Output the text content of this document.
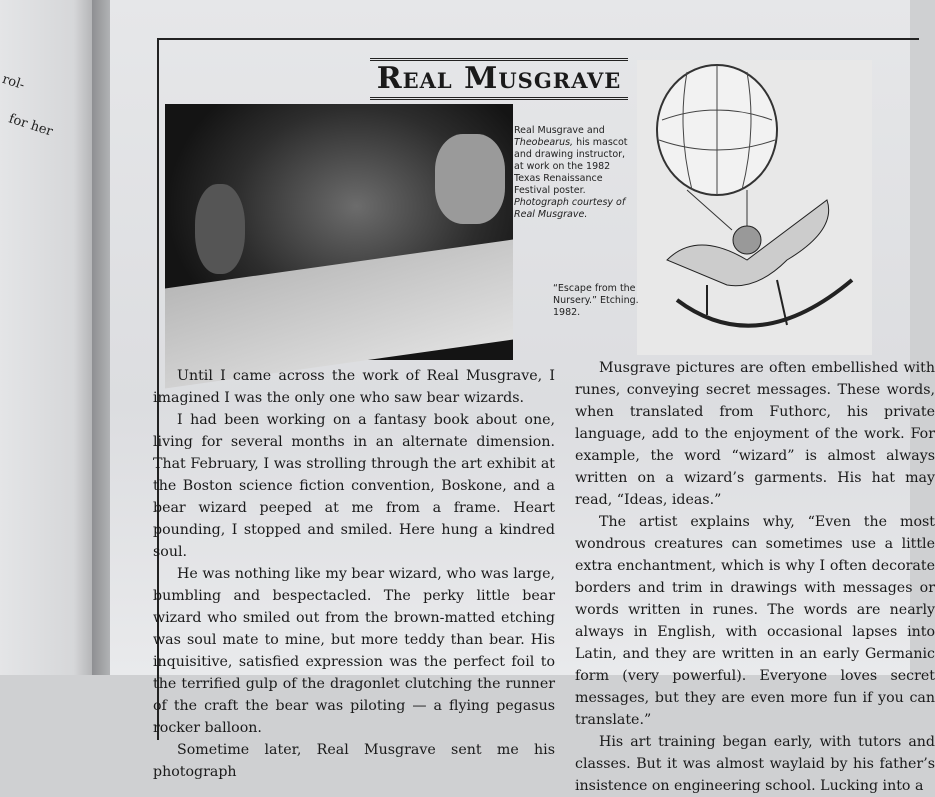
rol-
for her
Real Musgrave
Real Musgrave and Theobearus, his mascot and drawing instructor, at work on the 1982 Texas Renaissance Festival poster. Photograph courtesy of Real Musgrave.
“Escape from the Nursery.” Etching. 1982.

Until I came across the work of Real Musgrave, I imagined I was the only one who saw bear wizards.

I had been working on a fantasy book about one, living for several months in an alternate dimension. That February, I was strolling through the art exhibit at the Boston science fiction convention, Boskone, and a bear wizard peeped at me from a frame. Heart pounding, I stopped and smiled. Here hung a kindred soul.

He was nothing like my bear wizard, who was large, bumbling and bespectacled. The perky little bear wizard who smiled out from the brown-matted etching was soul mate to mine, but more teddy than bear. His inquisitive, satisfied expression was the perfect foil to the terrified gulp of the dragonlet clutching the runner of the craft the bear was piloting — a flying pegasus rocker balloon.

Sometime later, Real Musgrave sent me his photograph

Musgrave pictures are often embellished with runes, conveying secret messages. These words, when translated from Futhorc, his private language, add to the enjoyment of the work. For example, the word “wizard” is almost always written on a wizard’s garments. His hat may read, “Ideas, ideas.”

The artist explains why, “Even the most wondrous creatures can sometimes use a little extra enchantment, which is why I often decorate borders and trim in drawings with messages or words written in runes. The words are nearly always in English, with occasional lapses into Latin, and they are written in an early Germanic form (very powerful). Everyone loves secret messages, but they are even more fun if you can translate.”

His art training began early, with tutors and classes. But it was almost waylaid by his father’s insistence on engineering school. Lucking into a
